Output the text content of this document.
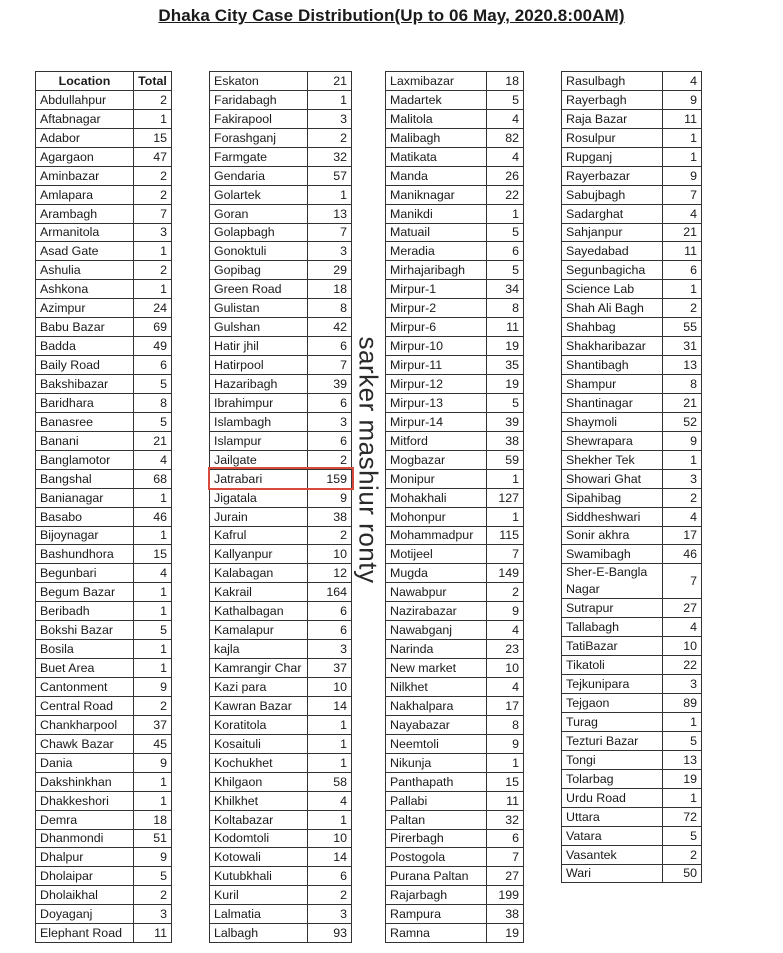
Dhaka City Case Distribution(Up to 06 May, 2020.8:00AM)
Location	Total
Abdullahpur	2
Aftabnagar	1
Adabor	15
Agargaon	47
Aminbazar	2
Amlapara	2
Arambagh	7
Armanitola	3
Asad Gate	1
Ashulia	2
Ashkona	1
Azimpur	24
Babu Bazar	69
Badda	49
Baily Road	6
Bakshibazar	5
Baridhara	8
Banasree	5
Banani	21
Banglamotor	4
Bangshal	68
Banianagar	1
Basabo	46
Bijoynagar	1
Bashundhora	15
Begunbari	4
Begum Bazar	1
Beribadh	1
Bokshi Bazar	5
Bosila	1
Buet Area	1
Cantonment	9
Central Road	2
Chankharpool	37
Chawk Bazar	45
Dania	9
Dakshinkhan	1
Dhakkeshori	1
Demra	18
Dhanmondi	51
Dhalpur	9
Dholaipar	5
Dholaikhal	2
Doyaganj	3
Elephant Road	11
Eskaton	21
Faridabagh	1
Fakirapool	3
Forashganj	2
Farmgate	32
Gendaria	57
Golartek	1
Goran	13
Golapbagh	7
Gonoktuli	3
Gopibag	29
Green Road	18
Gulistan	8
Gulshan	42
Hatir jhil	6
Hatirpool	7
Hazaribagh	39
Ibrahimpur	6
Islambagh	3
Islampur	6
Jailgate	2
Jatrabari	159
Jigatala	9
Jurain	38
Kafrul	2
Kallyanpur	10
Kalabagan	12
Kakrail	164
Kathalbagan	6
Kamalapur	6
kajla	3
Kamrangir Char	37
Kazi para	10
Kawran Bazar	14
Koratitola	1
Kosaituli	1
Kochukhet	1
Khilgaon	58
Khilkhet	4
Koltabazar	1
Kodomtoli	10
Kotowali	14
Kutubkhali	6
Kuril	2
Lalmatia	3
Lalbagh	93
Laxmibazar	18
Madartek	5
Malitola	4
Malibagh	82
Matikata	4
Manda	26
Maniknagar	22
Manikdi	1
Matuail	5
Meradia	6
Mirhajaribagh	5
Mirpur-1	34
Mirpur-2	8
Mirpur-6	11
Mirpur-10	19
Mirpur-11	35
Mirpur-12	19
Mirpur-13	5
Mirpur-14	39
Mitford	38
Mogbazar	59
Monipur	1
Mohakhali	127
Mohonpur	1
Mohammadpur	115
Motijeel	7
Mugda	149
Nawabpur	2
Nazirabazar	9
Nawabganj	4
Narinda	23
New market	10
Nilkhet	4
Nakhalpara	17
Nayabazar	8
Neemtoli	9
Nikunja	1
Panthapath	15
Pallabi	11
Paltan	32
Pirerbagh	6
Postogola	7
Purana Paltan	27
Rajarbagh	199
Rampura	38
Ramna	19
Rasulbagh	4
Rayerbagh	9
Raja Bazar	11
Rosulpur	1
Rupganj	1
Rayerbazar	9
Sabujbagh	7
Sadarghat	4
Sahjanpur	21
Sayedabad	11
Segunbagicha	6
Science Lab	1
Shah Ali Bagh	2
Shahbag	55
Shakharibazar	31
Shantibagh	13
Shampur	8
Shantinagar	21
Shaymoli	52
Shewrapara	9
Shekher Tek	1
Showari Ghat	3
Sipahibag	2
Siddheshwari	4
Sonir akhra	17
Swamibagh	46
Sher-E-Bangla Nagar	7
Sutrapur	27
Tallabagh	4
TatiBazar	10
Tikatoli	22
Tejkunipara	3
Tejgaon	89
Turag	1
Tezturi Bazar	5
Tongi	13
Tolarbag	19
Urdu Road	1
Uttara	72
Vatara	5
Vasantek	2
Wari	50
sarker mashiur ronty
